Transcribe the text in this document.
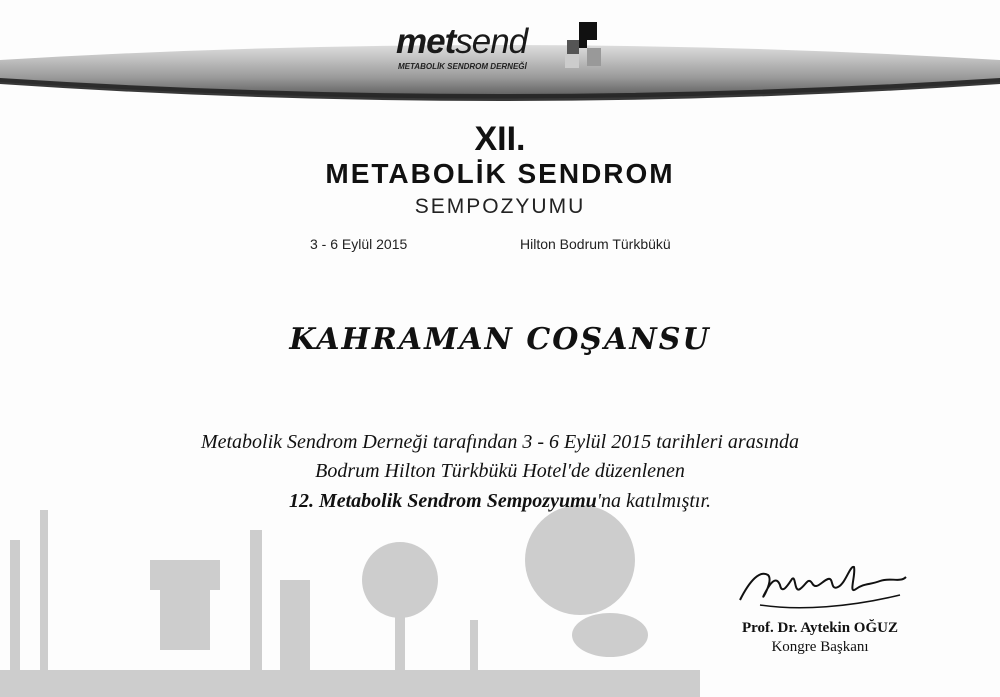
metsend
METABOLİK SENDROM DERNEĞİ
XII.
METABOLİK SENDROM
SEMPOZYUMU
3 - 6 Eylül 2015	Hilton Bodrum Türkbükü
KAHRAMAN COŞANSU
Metabolik Sendrom Derneği tarafından 3 - 6 Eylül 2015 tarihleri arasında
Bodrum Hilton Türkbükü Hotel'de düzenlenen
12. Metabolik Sendrom Sempozyumu'na katılmıştır.
Prof. Dr. Aytekin OĞUZ
Kongre Başkanı
